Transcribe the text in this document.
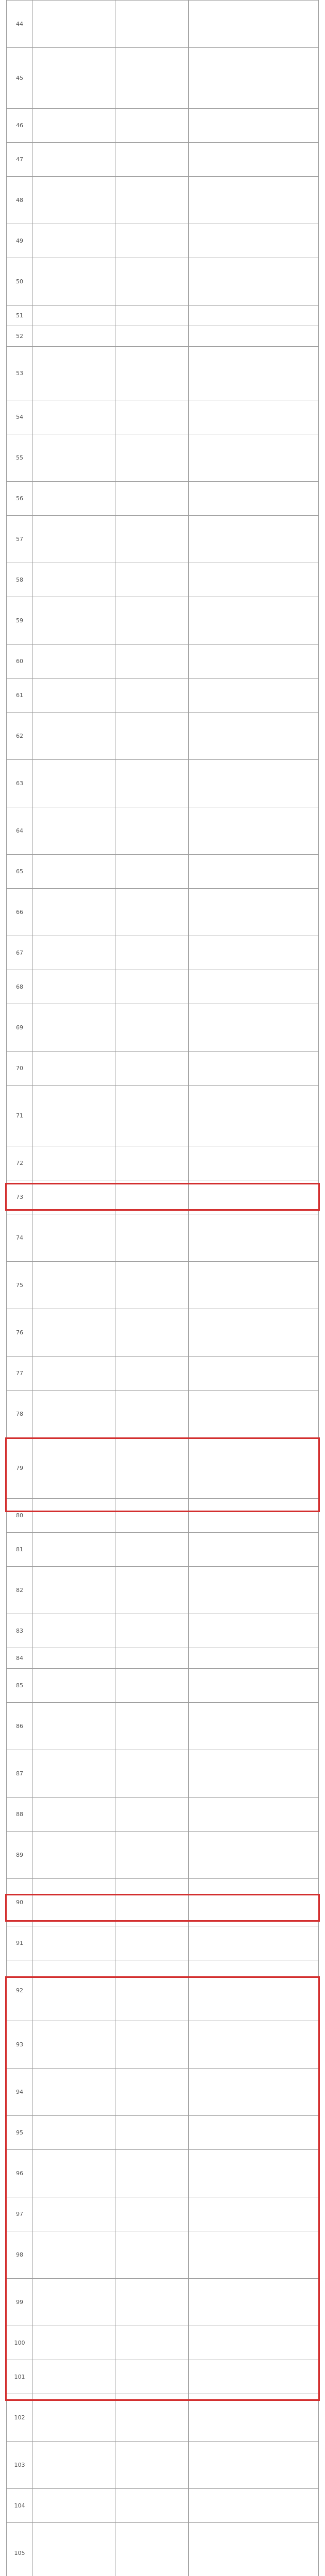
44			
45			
46			
47			
48			
49			
50			
51			
52			
53			
54			
55			
56			
57			
58			
59			
60			
61			
62			
63			
64			
65			
66			
67			
68			
69			
70			
71			
72			
73			
74			
75			
76			
77			
78			
79			
80			
81			
82			
83			
84			
85			
86			
87			
88			
89			
90			
91			
92			
93			
94			
95			
96			
97			
98			
99			
100			
101			
102			
103			
104			
105			
